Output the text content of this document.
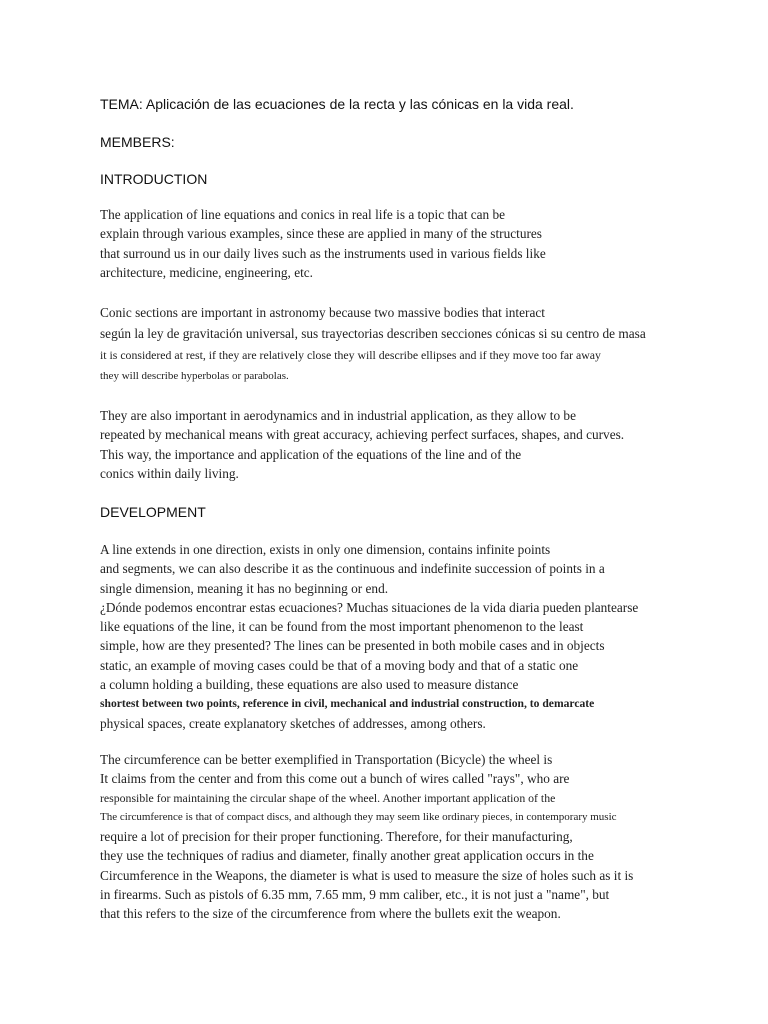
TEMA: Aplicación de las ecuaciones de la recta y las cónicas en la vida real.
MEMBERS:
INTRODUCTION
The application of line equations and conics in real life is a topic that can be
explain through various examples, since these are applied in many of the structures
that surround us in our daily lives such as the instruments used in various fields like
architecture, medicine, engineering, etc.
Conic sections are important in astronomy because two massive bodies that interact
según la ley de gravitación universal, sus trayectorias describen secciones cónicas si su centro de masa
it is considered at rest, if they are relatively close they will describe ellipses and if they move too far away
they will describe hyperbolas or parabolas.
They are also important in aerodynamics and in industrial application, as they allow to be
repeated by mechanical means with great accuracy, achieving perfect surfaces, shapes, and curves.
This way, the importance and application of the equations of the line and of the
conics within daily living.
DEVELOPMENT
A line extends in one direction, exists in only one dimension, contains infinite points
and segments, we can also describe it as the continuous and indefinite succession of points in a
single dimension, meaning it has no beginning or end.
¿Dónde podemos encontrar estas ecuaciones? Muchas situaciones de la vida diaria pueden plantearse
like equations of the line, it can be found from the most important phenomenon to the least
simple, how are they presented? The lines can be presented in both mobile cases and in objects
static, an example of moving cases could be that of a moving body and that of a static one
a column holding a building, these equations are also used to measure distance
shortest between two points, reference in civil, mechanical and industrial construction, to demarcate
physical spaces, create explanatory sketches of addresses, among others.
The circumference can be better exemplified in Transportation (Bicycle) the wheel is
It claims from the center and from this come out a bunch of wires called "rays", who are
responsible for maintaining the circular shape of the wheel. Another important application of the
The circumference is that of compact discs, and although they may seem like ordinary pieces, in contemporary music
require a lot of precision for their proper functioning. Therefore, for their manufacturing,
they use the techniques of radius and diameter, finally another great application occurs in the
Circumference in the Weapons, the diameter is what is used to measure the size of holes such as it is
in firearms. Such as pistols of 6.35 mm, 7.65 mm, 9 mm caliber, etc., it is not just a "name", but
that this refers to the size of the circumference from where the bullets exit the weapon.
